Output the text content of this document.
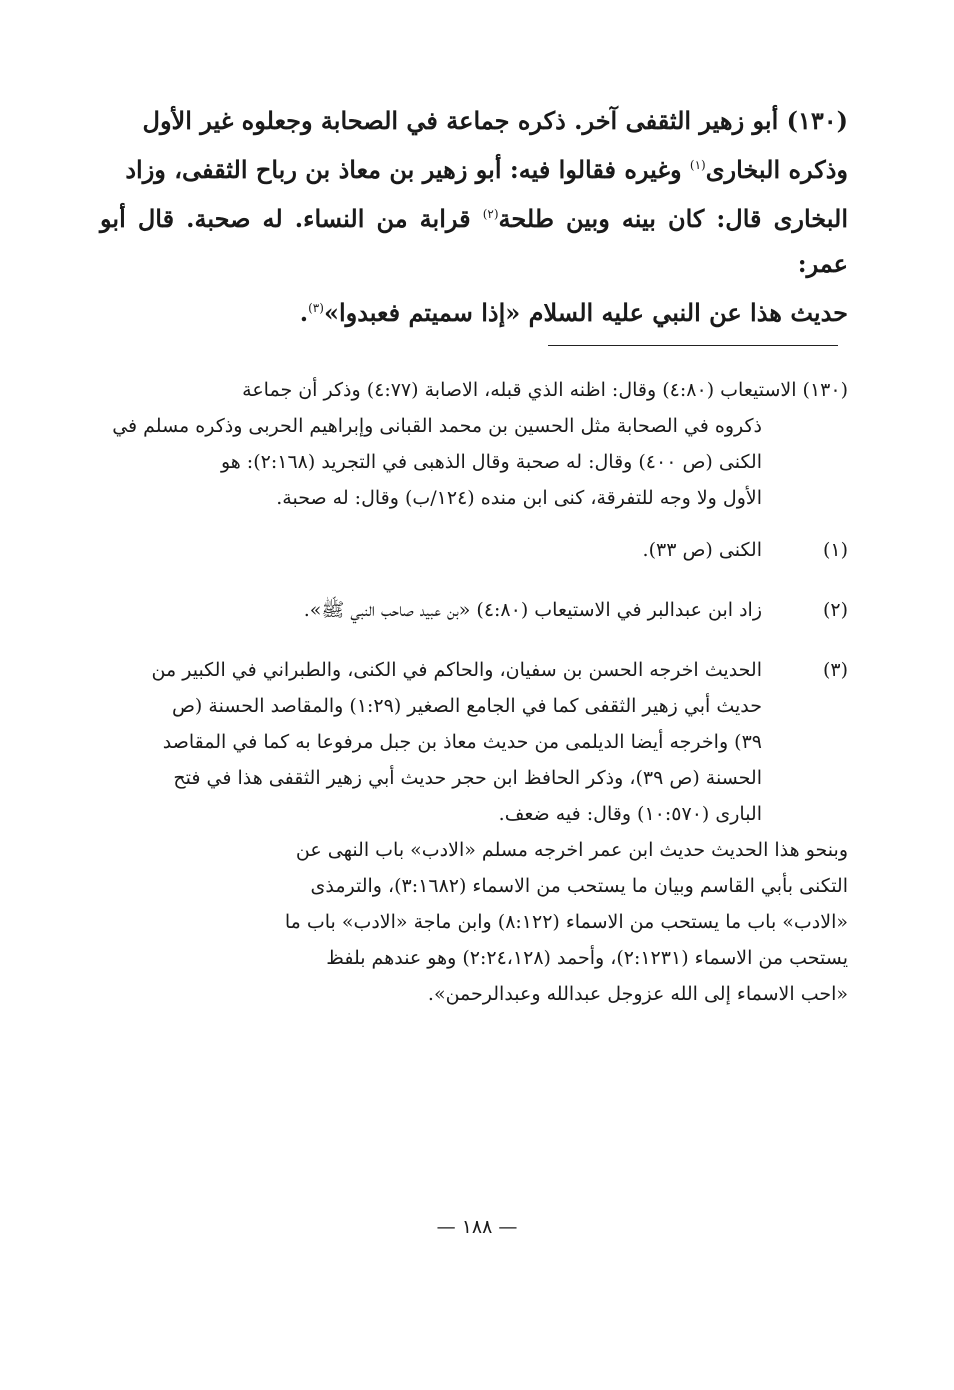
(١٣٠) أبو زهير الثقفى آخر. ذكره جماعة في الصحابة وجعلوه غير الأول

وذكره البخارى$^{(١)}$ وغيره فقالوا فيه: أبو زهير بن معاذ بن رباح الثقفى، وزاد

البخارى قال: كان بينه وبين طلحة$^{(٢)}$ قرابة من النساء. له صحبة. قال أبو عمر:

حديث هذا عن النبي عليه السلام «إذا سميتم فعبدوا»$^{(٣)}$.

(١٣٠) الاستيعاب (٤:٨٠) وقال: اظنه الذي قبله، الاصابة (٤:٧٧) وذكر أن جماعة
ذكروه في الصحابة مثل الحسين بن محمد القبانى وإبراهيم الحربى وذكره مسلم في
الكنى (ص ٤٠٠) وقال: له صحبة وقال الذهبى في التجريد (٢:١٦٨): هو
الأول ولا وجه للتفرقة، كنى ابن منده (١٢٤/ب) وقال: له صحبة.
(١)
الكنى (ص ٣٣).
(٢)
زاد ابن عبدالبر في الاستيعاب (٤:٨٠) «بن عبيد صاحب النبي ﷺ».
(٣)
الحديث اخرجه الحسن بن سفيان، والحاكم في الكنى، والطبراني في الكبير من
حديث أبي زهير الثقفى كما في الجامع الصغير (١:٢٩) والمقاصد الحسنة (ص
٣٩) واخرجه أيضا الديلمى من حديث معاذ بن جبل مرفوعا به كما في المقاصد
الحسنة (ص ٣٩)، وذكر الحافظ ابن حجر حديث أبي زهير الثقفى هذا في فتح
البارى (١٠:٥٧٠) وقال: فيه ضعف.
وبنحو هذا الحديث حديث ابن عمر اخرجه مسلم «الادب» باب النهى عن
التكنى بأبي القاسم وبيان ما يستحب من الاسماء (٣:١٦٨٢)، والترمذى
«الادب» باب ما يستحب من الاسماء (٨:١٢٢) وابن ماجة «الادب» باب ما
يستحب من الاسماء (٢:١٢٣١)، وأحمد (٢:٢٤،١٢٨) وهو عندهم بلفظ
«احب الاسماء إلى الله عزوجل عبدالله وعبدالرحمن».
— ١٨٨ —
